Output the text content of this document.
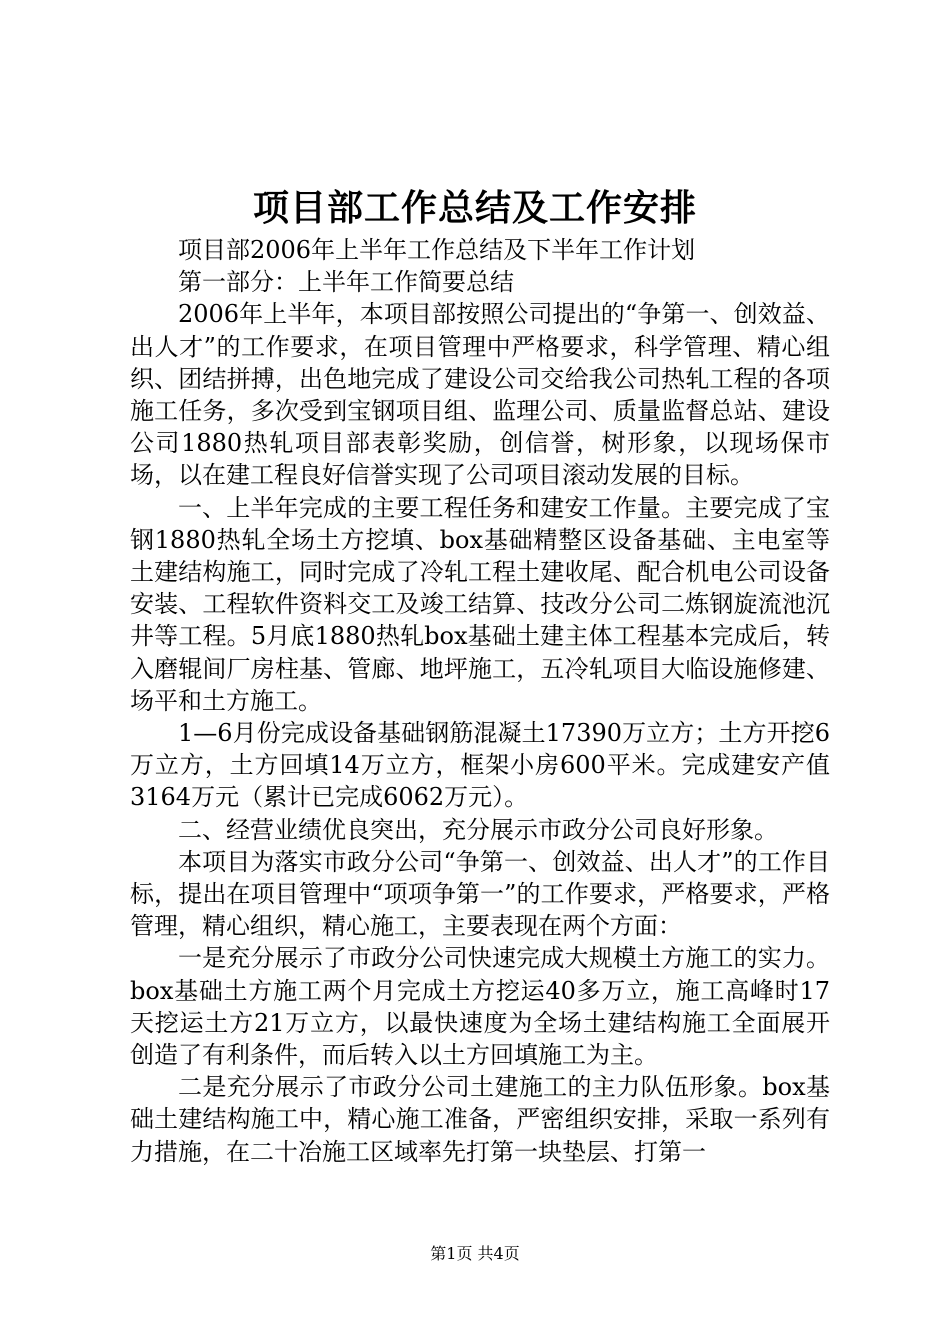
项目部工作总结及工作安排

项目部2006年上半年工作总结及下半年工作计划

第一部分：上半年工作简要总结

2006年上半年，本项目部按照公司提出的“争第一、创效益、出人才”的工作要求，在项目管理中严格要求，科学管理、精心组织、团结拼搏，出色地完成了建设公司交给我公司热轧工程的各项施工任务，多次受到宝钢项目组、监理公司、质量监督总站、建设公司1880热轧项目部表彰奖励，创信誉，树形象，以现场保市场，以在建工程良好信誉实现了公司项目滚动发展的目标。

一、上半年完成的主要工程任务和建安工作量。主要完成了宝钢1880热轧全场土方挖填、box基础精整区设备基础、主电室等土建结构施工，同时完成了冷轧工程土建收尾、配合机电公司设备安装、工程软件资料交工及竣工结算、技改分公司二炼钢旋流池沉井等工程。5月底1880热轧box基础土建主体工程基本完成后，转入磨辊间厂房柱基、管廊、地坪施工，五冷轧项目大临设施修建、场平和土方施工。

1—6月份完成设备基础钢筋混凝土17390万立方；土方开挖6万立方，土方回填14万立方，框架小房600平米。完成建安产值3164万元（累计已完成6062万元）。

二、经营业绩优良突出，充分展示市政分公司良好形象。

本项目为落实市政分公司“争第一、创效益、出人才”的工作目标，提出在项目管理中“项项争第一”的工作要求，严格要求，严格管理，精心组织，精心施工，主要表现在两个方面：

一是充分展示了市政分公司快速完成大规模土方施工的实力。box基础土方施工两个月完成土方挖运40多万立，施工高峰时17天挖运土方21万立方，以最快速度为全场土建结构施工全面展开创造了有利条件，而后转入以土方回填施工为主。

二是充分展示了市政分公司土建施工的主力队伍形象。box基础土建结构施工中，精心施工准备，严密组织安排，采取一系列有力措施，在二十冶施工区域率先打第一块垫层、打第一

第1页 共4页
